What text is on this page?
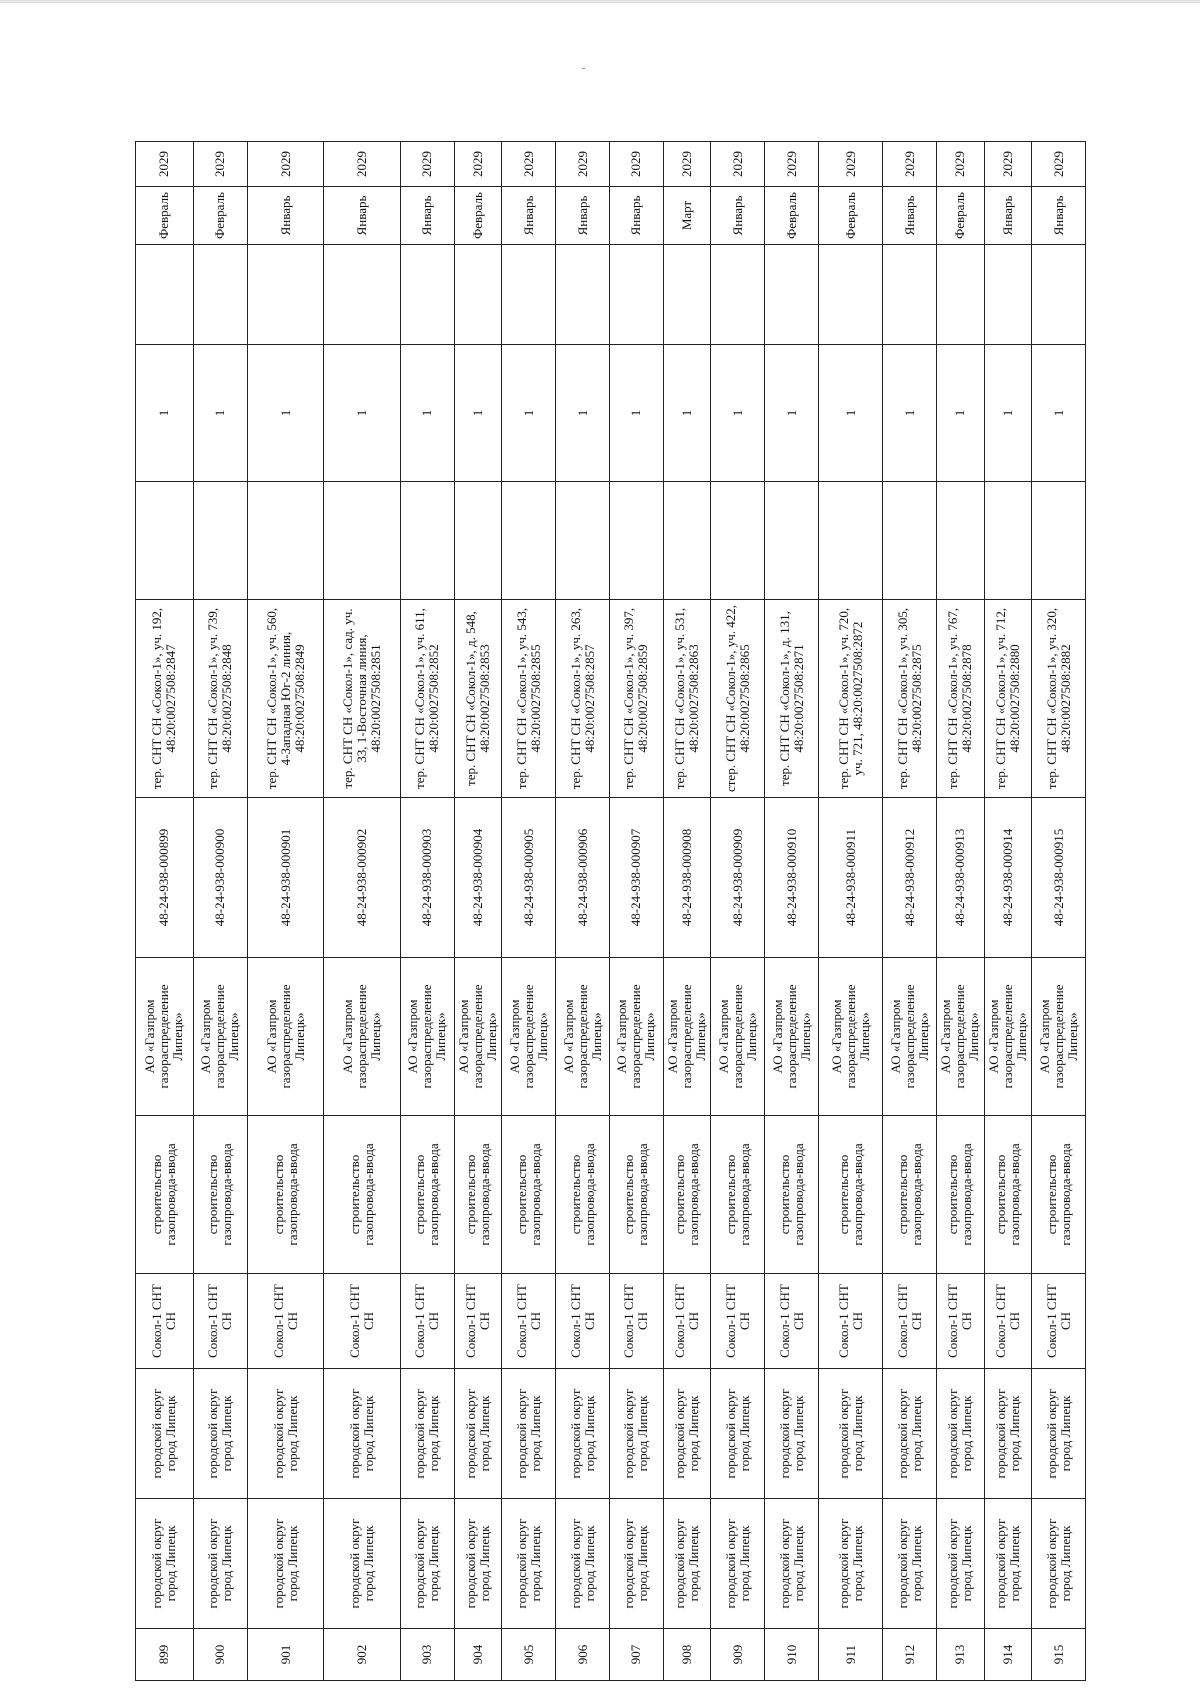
899	городской округ город Липецк	городской округ город Липецк	Сокол-1 СНТ СН	строительство газопровода-ввода	АО «Газпром газораспределение Липецк»	48-24-938-000899	тер. СНТ СН «Сокол-1», уч. 192, 48:20:0027508:2847		1		Февраль	2029
900	городской округ город Липецк	городской округ город Липецк	Сокол-1 СНТ СН	строительство газопровода-ввода	АО «Газпром газораспределение Липецк»	48-24-938-000900	тер. СНТ СН «Сокол-1», уч. 739, 48:20:0027508:2848		1		Февраль	2029
901	городской округ город Липецк	городской округ город Липецк	Сокол-1 СНТ СН	строительство газопровода-ввода	АО «Газпром газораспределение Липецк»	48-24-938-000901	тер. СНТ СН «Сокол-1», уч. 560, 4-Западная Юг-2 линия, 48:20:0027508:2849		1		Январь	2029
902	городской округ город Липецк	городской округ город Липецк	Сокол-1 СНТ СН	строительство газопровода-ввода	АО «Газпром газораспределение Липецк»	48-24-938-000902	тер. СНТ СН «Сокол-1», сад. уч. 33, 1-Восточная линия, 48:20:0027508:2851		1		Январь	2029
903	городской округ город Липецк	городской округ город Липецк	Сокол-1 СНТ СН	строительство газопровода-ввода	АО «Газпром газораспределение Липецк»	48-24-938-000903	тер. СНТ СН «Сокол-1», уч. 611, 48:20:0027508:2852		1		Январь	2029
904	городской округ город Липецк	городской округ город Липецк	Сокол-1 СНТ СН	строительство газопровода-ввода	АО «Газпром газораспределение Липецк»	48-24-938-000904	тер. СНТ СН «Сокол-1», д. 548, 48:20:0027508:2853		1		Февраль	2029
905	городской округ город Липецк	городской округ город Липецк	Сокол-1 СНТ СН	строительство газопровода-ввода	АО «Газпром газораспределение Липецк»	48-24-938-000905	тер. СНТ СН «Сокол-1», уч. 543, 48:20:0027508:2855		1		Январь	2029
906	городской округ город Липецк	городской округ город Липецк	Сокол-1 СНТ СН	строительство газопровода-ввода	АО «Газпром газораспределение Липецк»	48-24-938-000906	тер. СНТ СН «Сокол-1», уч. 263, 48:20:0027508:2857		1		Январь	2029
907	городской округ город Липецк	городской округ город Липецк	Сокол-1 СНТ СН	строительство газопровода-ввода	АО «Газпром газораспределение Липецк»	48-24-938-000907	тер. СНТ СН «Сокол-1», уч. 397, 48:20:0027508:2859		1		Январь	2029
908	городской округ город Липецк	городской округ город Липецк	Сокол-1 СНТ СН	строительство газопровода-ввода	АО «Газпром газораспределение Липецк»	48-24-938-000908	тер. СНТ СН «Сокол-1», уч. 531, 48:20:0027508:2863		1		Март	2029
909	городской округ город Липецк	городской округ город Липецк	Сокол-1 СНТ СН	строительство газопровода-ввода	АО «Газпром газораспределение Липецк»	48-24-938-000909	стер. СНТ СН «Сокол-1», уч. 422, 48:20:0027508:2865		1		Январь	2029
910	городской округ город Липецк	городской округ город Липецк	Сокол-1 СНТ СН	строительство газопровода-ввода	АО «Газпром газораспределение Липецк»	48-24-938-000910	тер. СНТ СН «Сокол-1», д. 131, 48:20:0027508:2871		1		Февраль	2029
911	городской округ город Липецк	городской округ город Липецк	Сокол-1 СНТ СН	строительство газопровода-ввода	АО «Газпром газораспределение Липецк»	48-24-938-000911	тер. СНТ СН «Сокол-1», уч. 720, уч. 721, 48:20:0027508:2872		1		Февраль	2029
912	городской округ город Липецк	городской округ город Липецк	Сокол-1 СНТ СН	строительство газопровода-ввода	АО «Газпром газораспределение Липецк»	48-24-938-000912	тер. СНТ СН «Сокол-1», уч. 305, 48:20:0027508:2875		1		Январь	2029
913	городской округ город Липецк	городской округ город Липецк	Сокол-1 СНТ СН	строительство газопровода-ввода	АО «Газпром газораспределение Липецк»	48-24-938-000913	тер. СНТ СН «Сокол-1», уч. 767, 48:20:0027508:2878		1		Февраль	2029
914	городской округ город Липецк	городской округ город Липецк	Сокол-1 СНТ СН	строительство газопровода-ввода	АО «Газпром газораспределение Липецк»	48-24-938-000914	тер. СНТ СН «Сокол-1», уч. 712, 48:20:0027508:2880		1		Январь	2029
915	городской округ город Липецк	городской округ город Липецк	Сокол-1 СНТ СН	строительство газопровода-ввода	АО «Газпром газораспределение Липецк»	48-24-938-000915	тер. СНТ СН «Сокол-1», уч. 320, 48:20:0027508:2882		1		Январь	2029
